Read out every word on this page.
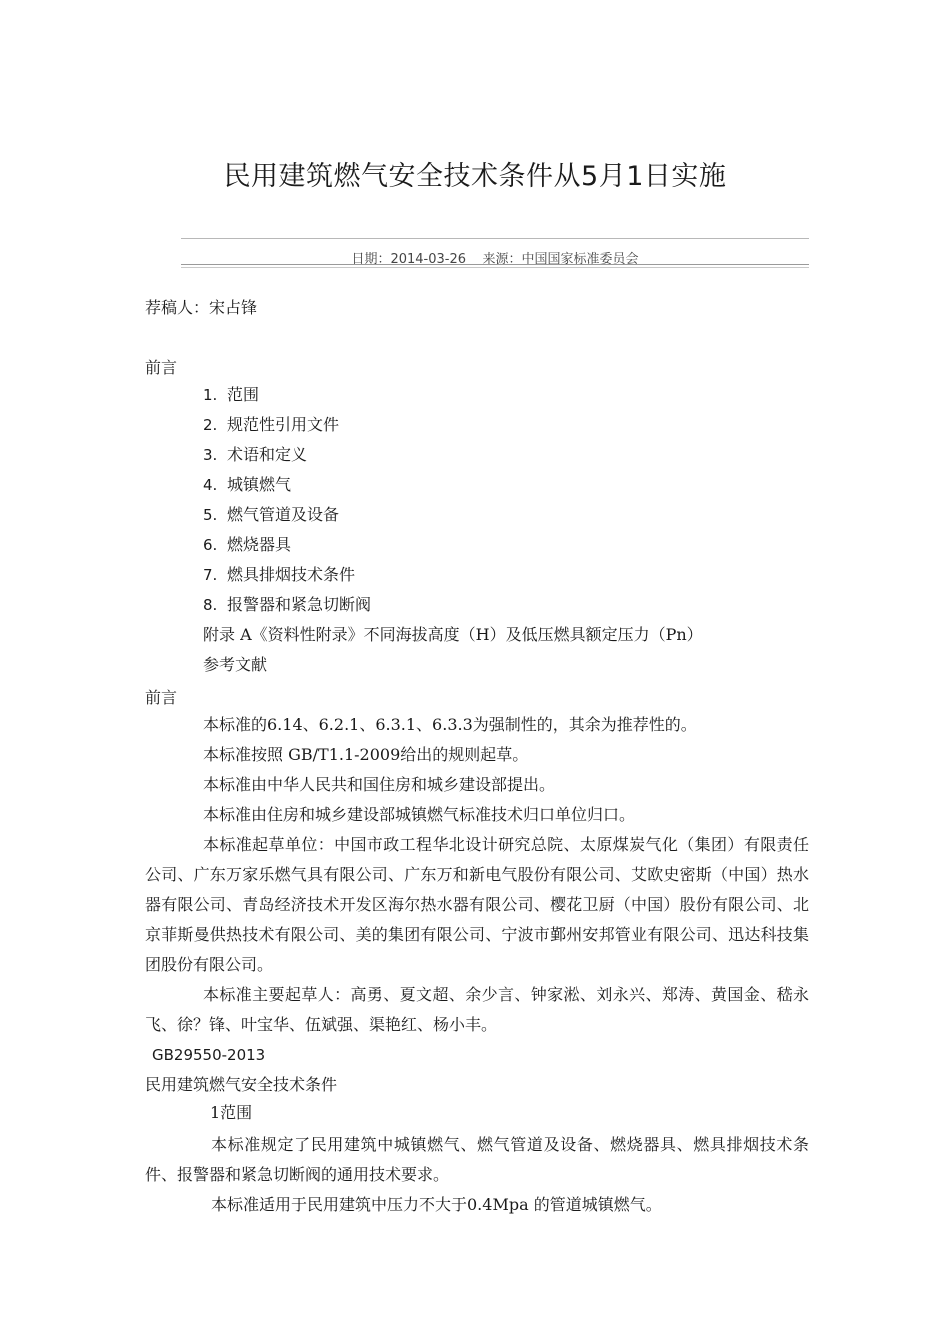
民用建筑燃气安全技术条件从5月1日实施
日期：2014-03-26 来源：中国国家标准委员会
荐稿人：宋占锋
前言
1. 范围
2. 规范性引用文件
3. 术语和定义
4. 城镇燃气
5. 燃气管道及设备
6. 燃烧器具
7. 燃具排烟技术条件
8. 报警器和紧急切断阀
附录 A《资料性附录》不同海拔高度（H）及低压燃具额定压力（Pn）
参考文献
前言
本标准的6.14、6.2.1、6.3.1、6.3.3为强制性的，其余为推荐性的。
本标准按照 GB/T1.1-2009给出的规则起草。
本标准由中华人民共和国住房和城乡建设部提出。
本标准由住房和城乡建设部城镇燃气标准技术归口单位归口。
本标准起草单位：中国市政工程华北设计研究总院、太原煤炭气化（集团）有限责任公司、广东万家乐燃气具有限公司、广东万和新电气股份有限公司、艾欧史密斯（中国）热水器有限公司、青岛经济技术开发区海尔热水器有限公司、樱花卫厨（中国）股份有限公司、北京菲斯曼供热技术有限公司、美的集团有限公司、宁波市鄞州安邦管业有限公司、迅达科技集团股份有限公司。
本标准主要起草人：高勇、夏文超、余少言、钟家淞、刘永兴、郑涛、黄国金、嵇永飞、徐？锋、叶宝华、伍斌强、渠艳红、杨小丰。
GB29550-2013
民用建筑燃气安全技术条件
1范围
本标准规定了民用建筑中城镇燃气、燃气管道及设备、燃烧器具、燃具排烟技术条件、报警器和紧急切断阀的通用技术要求。
本标准适用于民用建筑中压力不大于0.4Mpa 的管道城镇燃气。
